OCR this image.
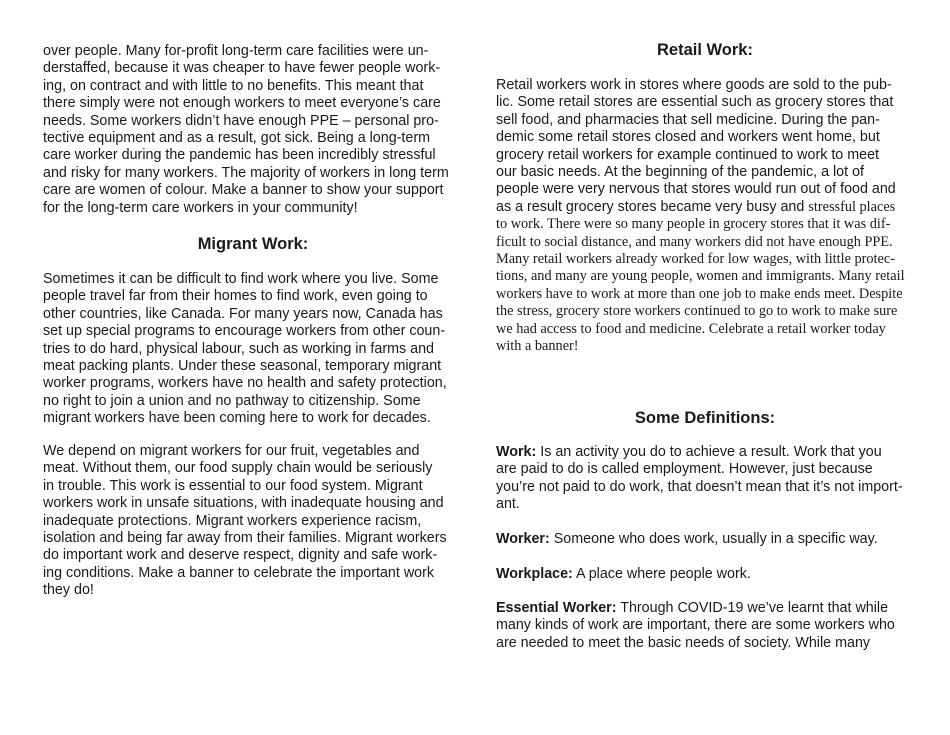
over people. Many for-profit long-term care facilities were un-
derstaffed, because it was cheaper to have fewer people work-
ing, on contract and with little to no benefits. This meant that
there simply were not enough workers to meet everyone’s care
needs. Some workers didn’t have enough PPE – personal pro-
tective equipment and as a result, got sick. Being a long-term
care worker during the pandemic has been incredibly stressful
and risky for many workers. The majority of workers in long term
care are women of colour. Make a banner to show your support
for the long-term care workers in your community!
Migrant Work:
Sometimes it can be difficult to find work where you live. Some
people travel far from their homes to find work, even going to
other countries, like Canada. For many years now, Canada has
set up special programs to encourage workers from other coun-
tries to do hard, physical labour, such as working in farms and
meat packing plants. Under these seasonal, temporary migrant
worker programs, workers have no health and safety protection,
no right to join a union and no pathway to citizenship. Some
migrant workers have been coming here to work for decades.
We depend on migrant workers for our fruit, vegetables and
meat. Without them, our food supply chain would be seriously
in trouble. This work is essential to our food system. Migrant
workers work in unsafe situations, with inadequate housing and
inadequate protections. Migrant workers experience racism,
isolation and being far away from their families. Migrant workers
do important work and deserve respect, dignity and safe work-
ing conditions. Make a banner to celebrate the important work
they do!
Retail Work:
Retail workers work in stores where goods are sold to the pub-
lic. Some retail stores are essential such as grocery stores that
sell food, and pharmacies that sell medicine. During the pan-
demic some retail stores closed and workers went home, but
grocery retail workers for example continued to work to meet
our basic needs. At the beginning of the pandemic, a lot of
people were very nervous that stores would run out of food and
as a result grocery stores became very busy and stressful places
to work. There were so many people in grocery stores that it was dif-
ficult to social distance, and many workers did not have enough PPE.
Many retail workers already worked for low wages, with little protec-
tions, and many are young people, women and immigrants. Many retail
workers have to work at more than one job to make ends meet. Despite
the stress, grocery store workers continued to go to work to make sure
we had access to food and medicine. Celebrate a retail worker today
with a banner!
Some Definitions:
Work: Is an activity you do to achieve a result. Work that you
are paid to do is called employment. However, just because
you’re not paid to do work, that doesn’t mean that it’s not import-
ant.
Worker: Someone who does work, usually in a specific way.
Workplace: A place where people work.
Essential Worker: Through COVID-19 we’ve learnt that while
many kinds of work are important, there are some workers who
are needed to meet the basic needs of society. While many
